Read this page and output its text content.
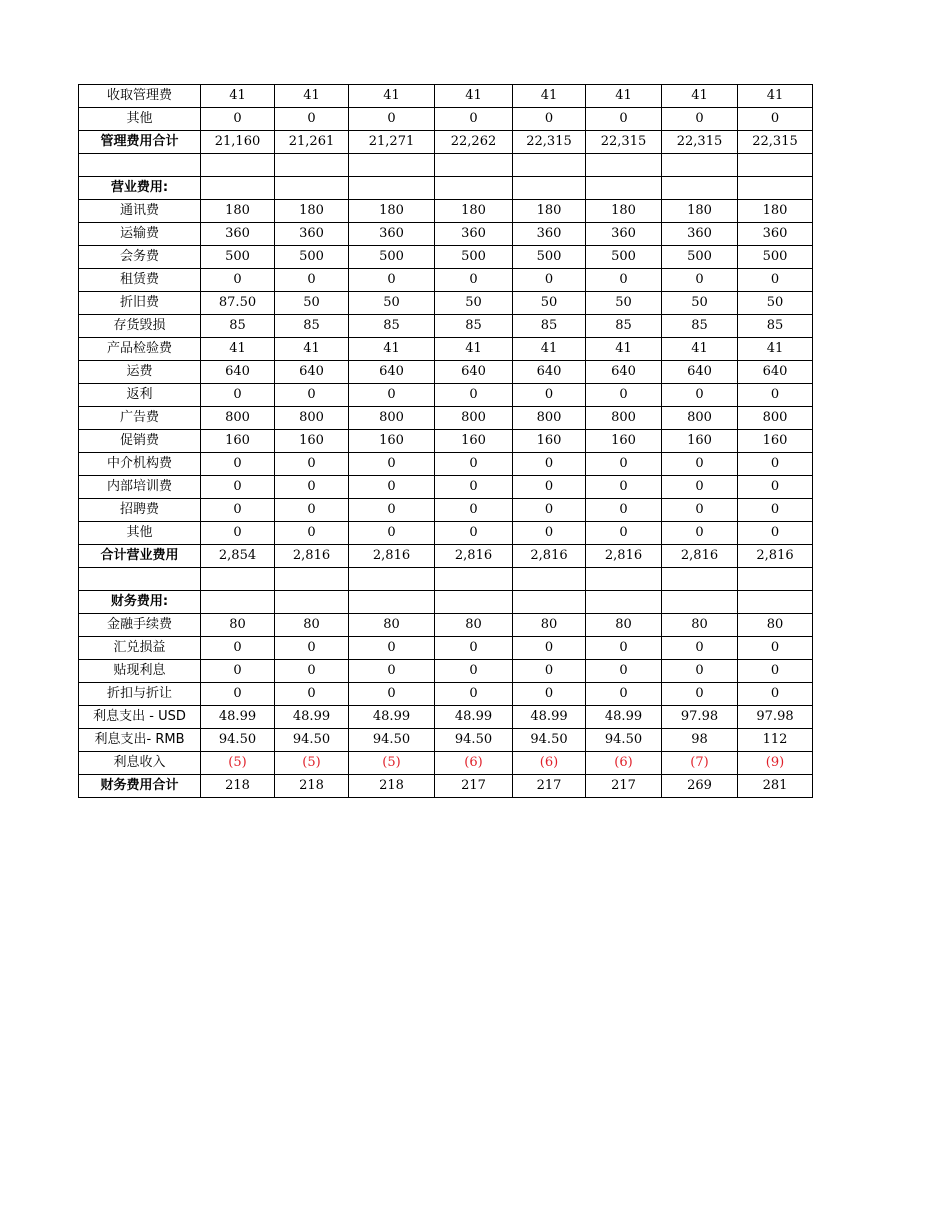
收取管理费	41	41	41	41	41	41	41	41
其他	0	0	0	0	0	0	0	0
管理费用合计	21,160	21,261	21,271	22,262	22,315	22,315	22,315	22,315

营业费用:								
通讯费	180	180	180	180	180	180	180	180
运输费	360	360	360	360	360	360	360	360
会务费	500	500	500	500	500	500	500	500
租赁费	0	0	0	0	0	0	0	0
折旧费	87.50	50	50	50	50	50	50	50
存货毁损	85	85	85	85	85	85	85	85
产品检验费	41	41	41	41	41	41	41	41
运费	640	640	640	640	640	640	640	640
返利	0	0	0	0	0	0	0	0
广告费	800	800	800	800	800	800	800	800
促销费	160	160	160	160	160	160	160	160
中介机构费	0	0	0	0	0	0	0	0
内部培训费	0	0	0	0	0	0	0	0
招聘费	0	0	0	0	0	0	0	0
其他	0	0	0	0	0	0	0	0
合计营业费用	2,854	2,816	2,816	2,816	2,816	2,816	2,816	2,816

财务费用:								
金融手续费	80	80	80	80	80	80	80	80
汇兑损益	0	0	0	0	0	0	0	0
贴现利息	0	0	0	0	0	0	0	0
折扣与折让	0	0	0	0	0	0	0	0
利息支出 - USD	48.99	48.99	48.99	48.99	48.99	48.99	97.98	97.98
利息支出- RMB	94.50	94.50	94.50	94.50	94.50	94.50	98	112
利息收入	(5)	(5)	(5)	(6)	(6)	(6)	(7)	(9)
财务费用合计	218	218	218	217	217	217	269	281
